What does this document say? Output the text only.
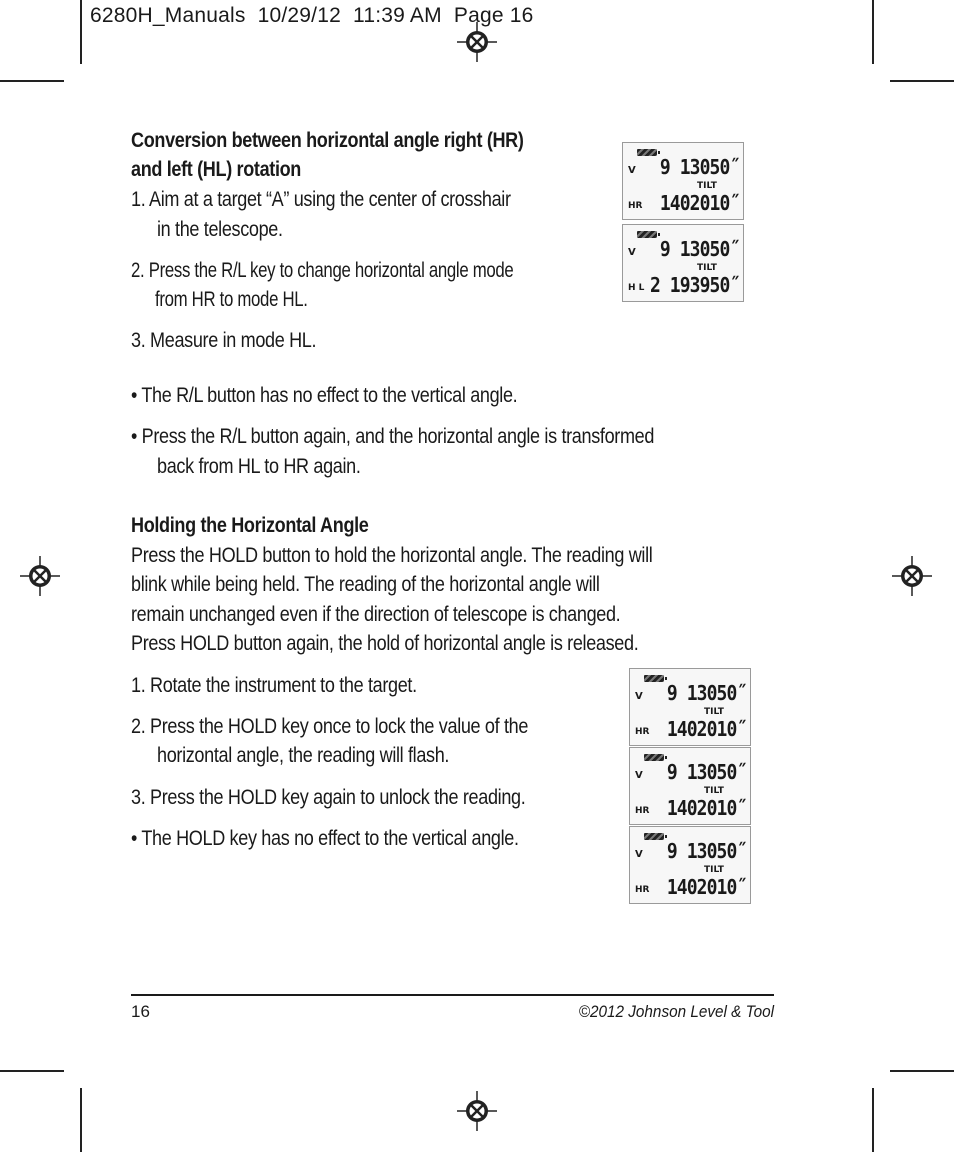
6280H_Manuals  10/29/12  11:39 AM  Page 16
Conversion between horizontal angle right (HR)
and left (HL) rotation
1. Aim at a target “A” using the center of crosshair
in the telescope.
2. Press the R/L key to change horizontal angle mode
from HR to mode HL.
3. Measure in mode HL.
• The R/L button has no effect to the vertical angle.
• Press the R/L button again, and the horizontal angle is transformed
back from HL to HR again.
Holding the Horizontal Angle
Press the HOLD button to hold the horizontal angle. The reading will
blink while being held. The reading of the horizontal angle will
remain unchanged even if the direction of telescope is changed.
Press HOLD button again, the hold of horizontal angle is released.
1. Rotate the instrument to the target.
2. Press the HOLD key once to lock the value of the
horizontal angle, the reading will flash.
3. Press the HOLD key again to unlock the reading.
• The HOLD key has no effect to the vertical angle.
V 9 13050˝
TILT
HR 1402010˝
V 9 13050˝
TILT
H L 2 193950˝
V 9 13050˝
TILT
HR 1402010˝
V 9 13050˝
TILT
HR 1402010˝
V 9 13050˝
TILT
HR 1402010˝
16	©2012 Johnson Level & Tool
